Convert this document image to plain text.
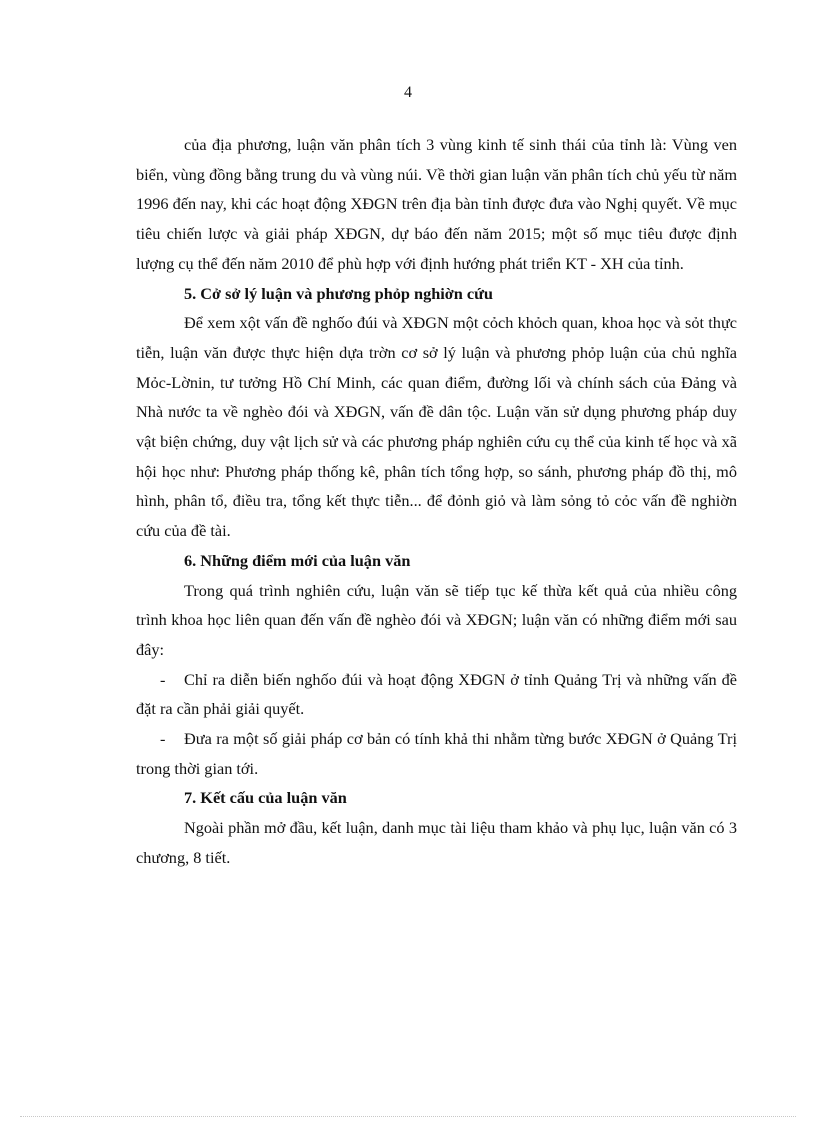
4

của địa phương, luận văn phân tích 3 vùng kinh tế sinh thái của tỉnh là: Vùng ven biển, vùng đồng bằng trung du và vùng núi. Về thời gian luận văn phân tích chủ yếu từ năm 1996 đến nay, khi các hoạt động XĐGN trên địa bàn tỉnh được đưa vào Nghị quyết. Về mục tiêu chiến lược và giải pháp XĐGN, dự báo đến năm 2015; một số mục tiêu được định lượng cụ thể đến năm 2010 để phù hợp với định hướng phát triển KT - XH của tỉnh.

5. Cở sở lý luận và phương phỏp nghiờn cứu

Để xem xột vấn đề nghốo đúi và XĐGN một cỏch khỏch quan, khoa học và sỏt thực tiễn, luận văn được thực hiện dựa trờn cơ sở lý luận và phương phỏp luận của chủ nghĩa Mỏc-Lờnin, tư tưởng Hồ Chí Minh, các quan điểm, đường lối và chính sách của Đảng và Nhà nước ta về nghèo đói và XĐGN, vấn đề dân tộc. Luận văn sử dụng phương pháp duy vật biện chứng, duy vật lịch sử và các phương pháp nghiên cứu cụ thể của kinh tế học và xã hội học như: Phương pháp thống kê, phân tích tổng hợp, so sánh, phương pháp đồ thị, mô hình, phân tổ, điều tra, tổng kết thực tiễn... để đỏnh giỏ và làm sỏng tỏ cỏc vấn đề nghiờn cứu của đề tài.

6. Những điểm mới của luận văn

Trong quá trình nghiên cứu, luận văn sẽ tiếp tục kế thừa kết quả của nhiều công trình khoa học liên quan đến vấn đề nghèo đói và XĐGN; luận văn có những điểm mới sau đây:

- Chỉ ra diễn biến nghốo đúi và hoạt động XĐGN ở tỉnh Quảng Trị và những vấn đề đặt ra cần phải giải quyết.

- Đưa ra một số giải pháp cơ bản có tính khả thi nhằm từng bước XĐGN ở Quảng Trị trong thời gian tới.

7. Kết cấu của luận văn

Ngoài phần mở đầu, kết luận, danh mục tài liệu tham khảo và phụ lục, luận văn có 3 chương, 8 tiết.
